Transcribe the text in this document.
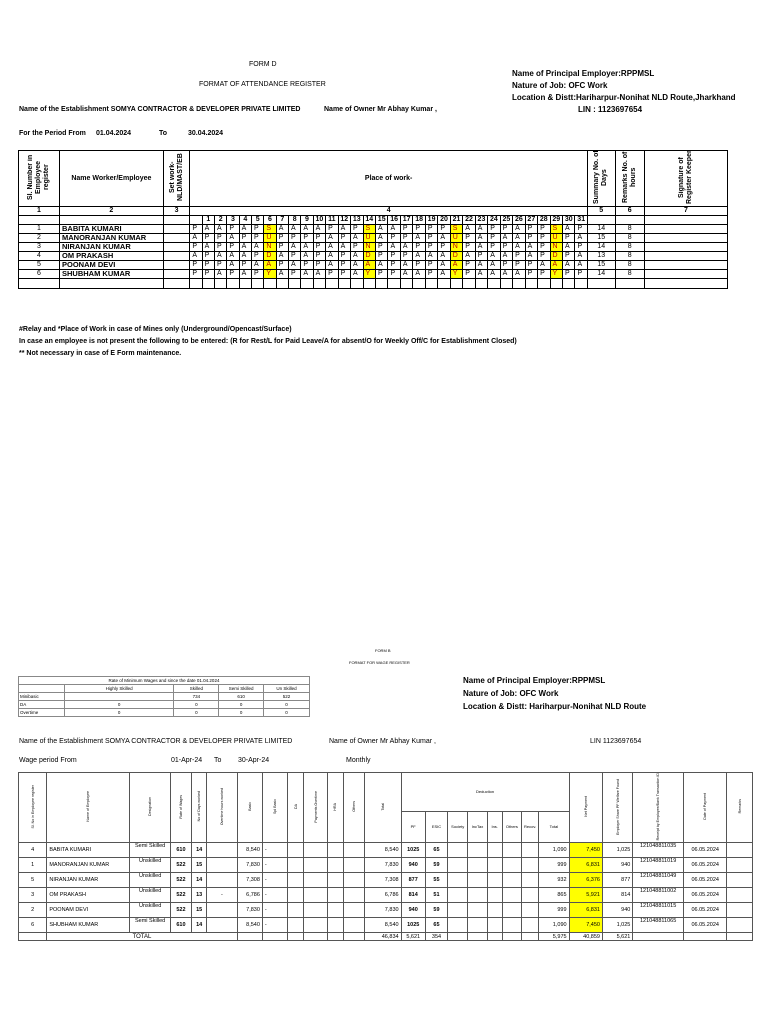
FORM D
FORMAT OF ATTENDANCE REGISTER
Name of Principal Employer:RPPMSL
Nature of Job: OFC Work
Location & Distt:Hariharpur-Nonihat NLD Route,Jharkhand
LIN : 1123697654
Name of the Establishment SOMYA CONTRACTOR & DEVELOPER PRIVATE LIMITED	Name of Owner Mr Abhay Kumar ,
For the Period From 01.04.2024	To	30.04.2024
Sl. Number in Employee register	Name Worker/Employee	Set work-NLD/MAST/EB	Place of work-																																Summary No. of Days	Remarks No. of hours	Signature of Register Keeper
1	2	3	4																																5	6	7
				1	2	3	4	5	6	7	8	9	10	11	12	13	14	15	16	17	18	19	20	21	22	23	24	25	26	27	28	29	30	31			
1	BABITA KUMARI		P	A	A	P	A	P	S	A	A	A	A	P	A	P	S	A	A	P	P	P	P	S	A	A	P	P	A	P	P	S	A	P	14	8	
2	MANORANJAN KUMAR		A	P	P	A	P	P	U	P	P	P	P	A	P	A	U	A	P	P	A	P	A	U	P	A	P	A	A	P	P	U	P	A	15	8	
3	NIRANJAN KUMAR		P	A	P	P	A	A	N	P	A	A	P	A	A	P	N	P	A	A	P	P	P	N	P	A	P	P	A	A	P	N	A	P	14	8	
4	OM PRAKASH		A	P	A	A	A	P	D	A	P	A	P	A	P	A	D	P	P	P	A	A	A	D	A	P	A	A	P	A	P	D	P	A	13	8	
5	POONAM DEVI		P	P	P	A	P	A	A	P	A	P	P	A	P	A	A	A	P	A	P	P	A	A	P	A	A	P	P	P	A	A	A	A	15	8	
6	SHUBHAM KUMAR		P	P	A	P	A	P	Y	A	P	A	A	P	P	A	Y	P	P	A	A	P	A	Y	P	A	A	A	A	P	P	Y	P	P	14	8	

#Relay and *Place of Work in case of Mines only (Underground/Opencast/Surface)
In case an employee is not present the following to be entered: (R for Rest/L for Paid Leave/A for absent/O for Weekly Off/C for Establishment Closed)
** Not necessary in case of E Form maintenance.
FORM B
FORMAT FOR WAGE REGISTER
Rate of Minimum Wages and since the date 01.04.2024				
	Highly Skilled	Skilled	Semi Skilled	Un Skilled
Minibasic		734	610	522
DA	0	0	0	0
Overtime	0	0	0	0
Name of Principal Employer:RPPMSL
Nature of Job: OFC Work
Location & Distt: Hariharpur-Nonihat NLD Route
Name of the Establishment SOMYA CONTRACTOR & DEVELOPER PRIVATE LIMITED	Name of Owner Mr Abhay Kumar ,	LIN 1123697654
Wage period From	01-Apr-24 To 30-Apr-24	Monthly
Sl. No in Employee register	Name of Employee	Designation	Rate of Wages	No of Days worked	Overtime hours worked	Basic	Spl Basic	DA	Payments Overtime	HRA	Others	Total	Deduction								Net Payment	Employer Share PF Welfare Found	Receipt by Employee/Bank Transaction ID	Date of Payment	Remarks
													PF	ESIC	Society	IncTax	Ins.	Others	Recov.	Total					
4	BABITA KUMARI	Semi Skilled	610	14		8,540	-					8,540	1025	65						1,090	7,450	1,025	121048811035	06.05.2024	
1	MANORANJAN KUMAR	Unskilled	522	15		7,830	-					7,830	940	59						999	6,831	940	121048811019	06.05.2024	
5	NIRANJAN KUMAR	Unskilled	522	14		7,308	-					7,308	877	55						932	6,376	877	121048811049	06.05.2024	
3	OM PRAKASH	Unskilled	522	13	-	6,786	-					6,786	814	51						865	5,921	814	121048811002	06.05.2024	
2	POONAM DEVI	Unskilled	522	15		7,830	-					7,830	940	59						999	6,831	940	121048811015	06.05.2024	
6	SHUBHAM KUMAR	Semi Skilled	610	14		8,540	-					8,540	1025	65						1,090	7,450	1,025	121048811065	06.05.2024	
	TOTAL											46,834	5,621	354						5,975	40,859	5,621			
